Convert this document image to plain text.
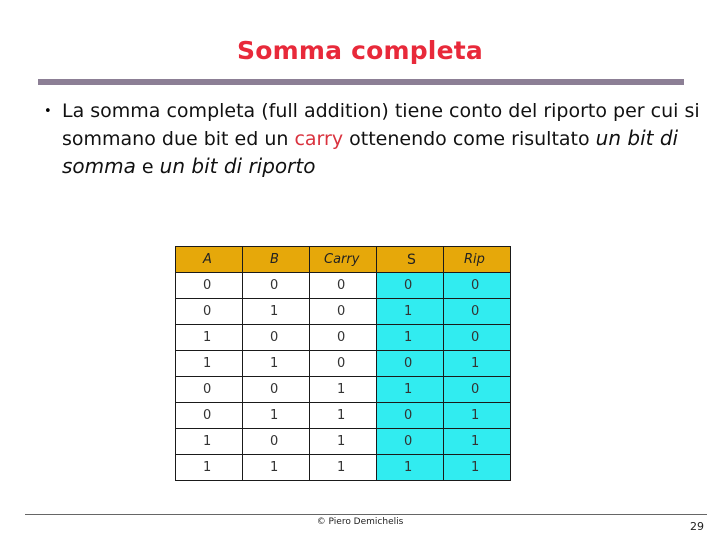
Somma completa
• La somma completa (full addition) tiene conto del riporto per cui si sommano due bit ed un carry ottenendo come risultato un bit di somma e un bit di riporto
A	B	Carry	S	Rip
0	0	0	0	0
0	1	0	1	0
1	0	0	1	0
1	1	0	0	1
0	0	1	1	0
0	1	1	0	1
1	0	1	0	1
1	1	1	1	1
© Piero Demichelis	29
